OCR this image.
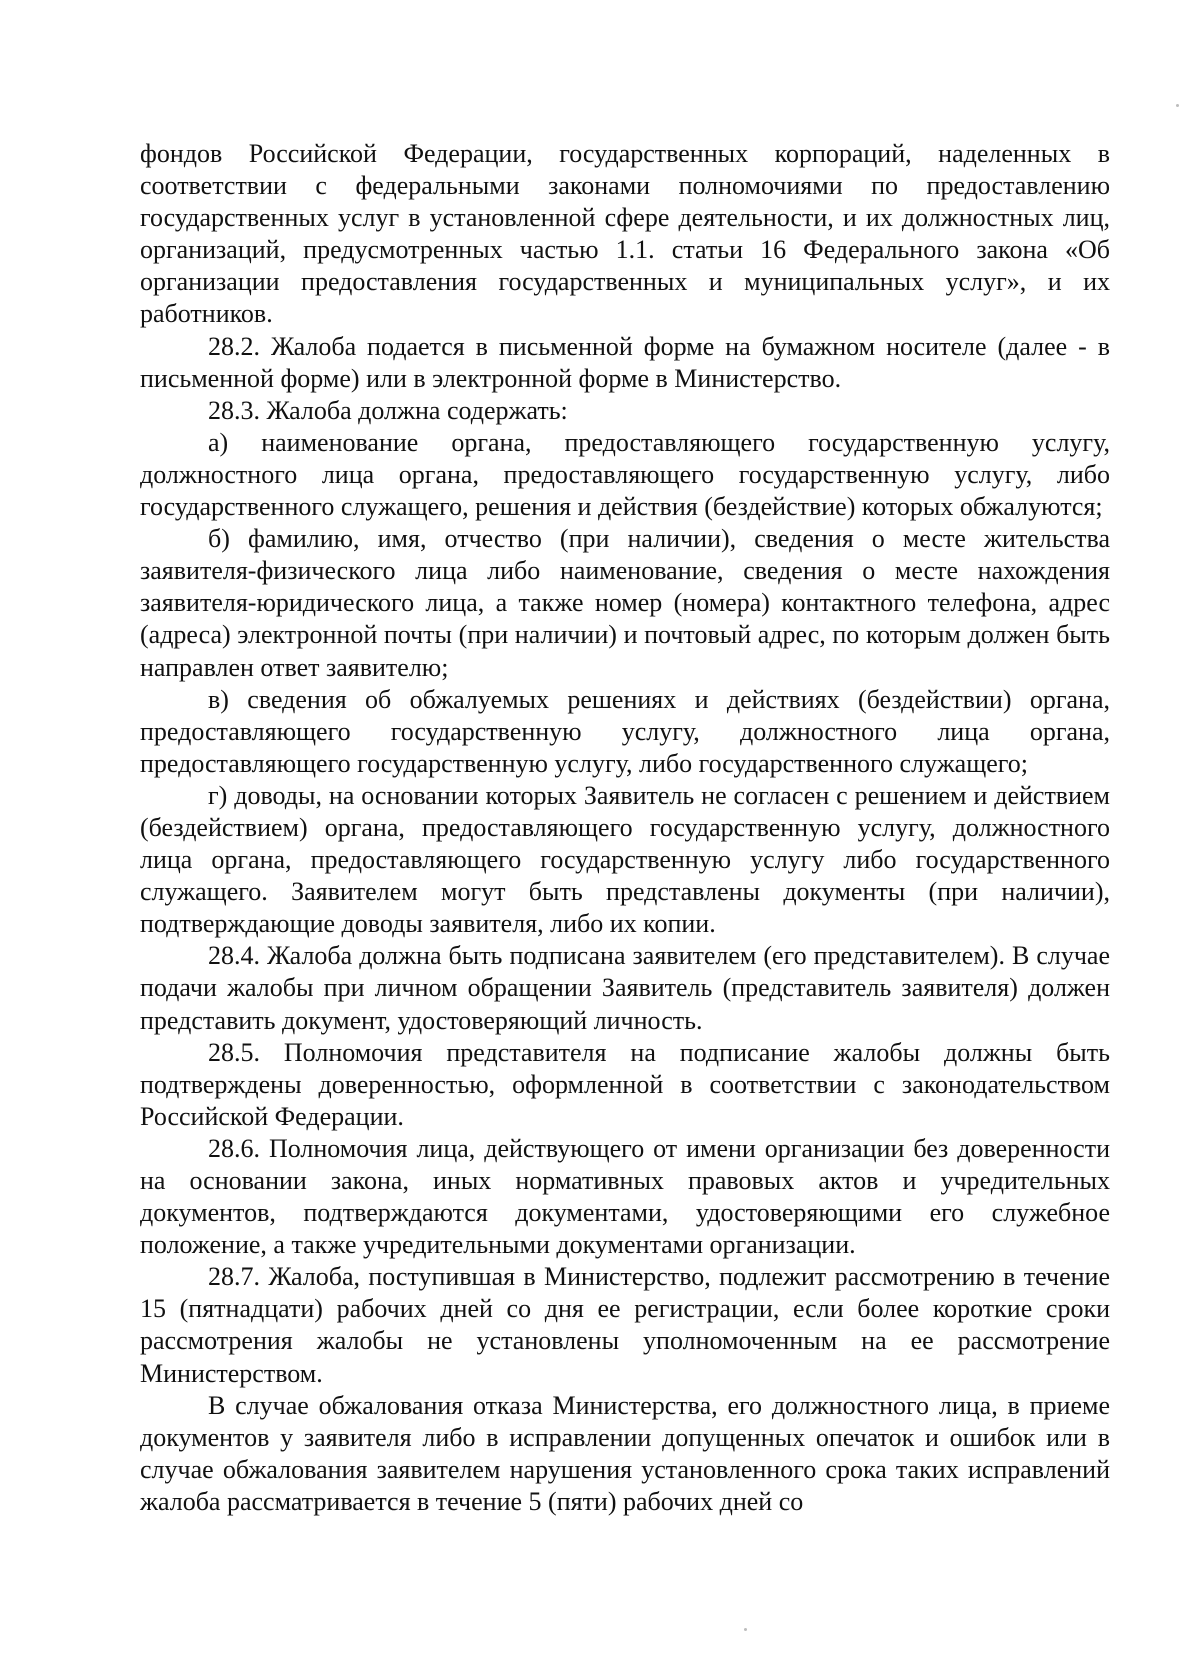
фондов Российской Федерации, государственных корпораций, наделенных в соответствии с федеральными законами полномочиями по предоставлению государственных услуг в установленной сфере деятельности, и их должностных лиц, организаций, предусмотренных частью 1.1. статьи 16 Федерального закона «Об организации предоставления государственных и муниципальных услуг», и их работников.

28.2. Жалоба подается в письменной форме на бумажном носителе (далее - в письменной форме) или в электронной форме в Министерство.

28.3. Жалоба должна содержать:

а) наименование органа, предоставляющего государственную услугу, должностного лица органа, предоставляющего государственную услугу, либо государственного служащего, решения и действия (бездействие) которых обжалуются;

б) фамилию, имя, отчество (при наличии), сведения о месте жительства заявителя-физического лица либо наименование, сведения о месте нахождения заявителя-юридического лица, а также номер (номера) контактного телефона, адрес (адреса) электронной почты (при наличии) и почтовый адрес, по которым должен быть направлен ответ заявителю;

в) сведения об обжалуемых решениях и действиях (бездействии) органа, предоставляющего государственную услугу, должностного лица органа, предоставляющего государственную услугу, либо государственного служащего;

г) доводы, на основании которых Заявитель не согласен с решением и действием (бездействием) органа, предоставляющего государственную услугу, должностного лица органа, предоставляющего государственную услугу либо государственного служащего. Заявителем могут быть представлены документы (при наличии), подтверждающие доводы заявителя, либо их копии.

28.4. Жалоба должна быть подписана заявителем (его представителем). В случае подачи жалобы при личном обращении Заявитель (представитель заявителя) должен представить документ, удостоверяющий личность.

28.5. Полномочия представителя на подписание жалобы должны быть подтверждены доверенностью, оформленной в соответствии с законодательством Российской Федерации.

28.6. Полномочия лица, действующего от имени организации без доверенности на основании закона, иных нормативных правовых актов и учредительных документов, подтверждаются документами, удостоверяющими его служебное положение, а также учредительными документами организации.

28.7. Жалоба, поступившая в Министерство, подлежит рассмотрению в течение 15 (пятнадцати) рабочих дней со дня ее регистрации, если более короткие сроки рассмотрения жалобы не установлены уполномоченным на ее рассмотрение Министерством.

В случае обжалования отказа Министерства, его должностного лица, в приеме документов у заявителя либо в исправлении допущенных опечаток и ошибок или в случае обжалования заявителем нарушения установленного срока таких исправлений жалоба рассматривается в течение 5 (пяти) рабочих дней со
